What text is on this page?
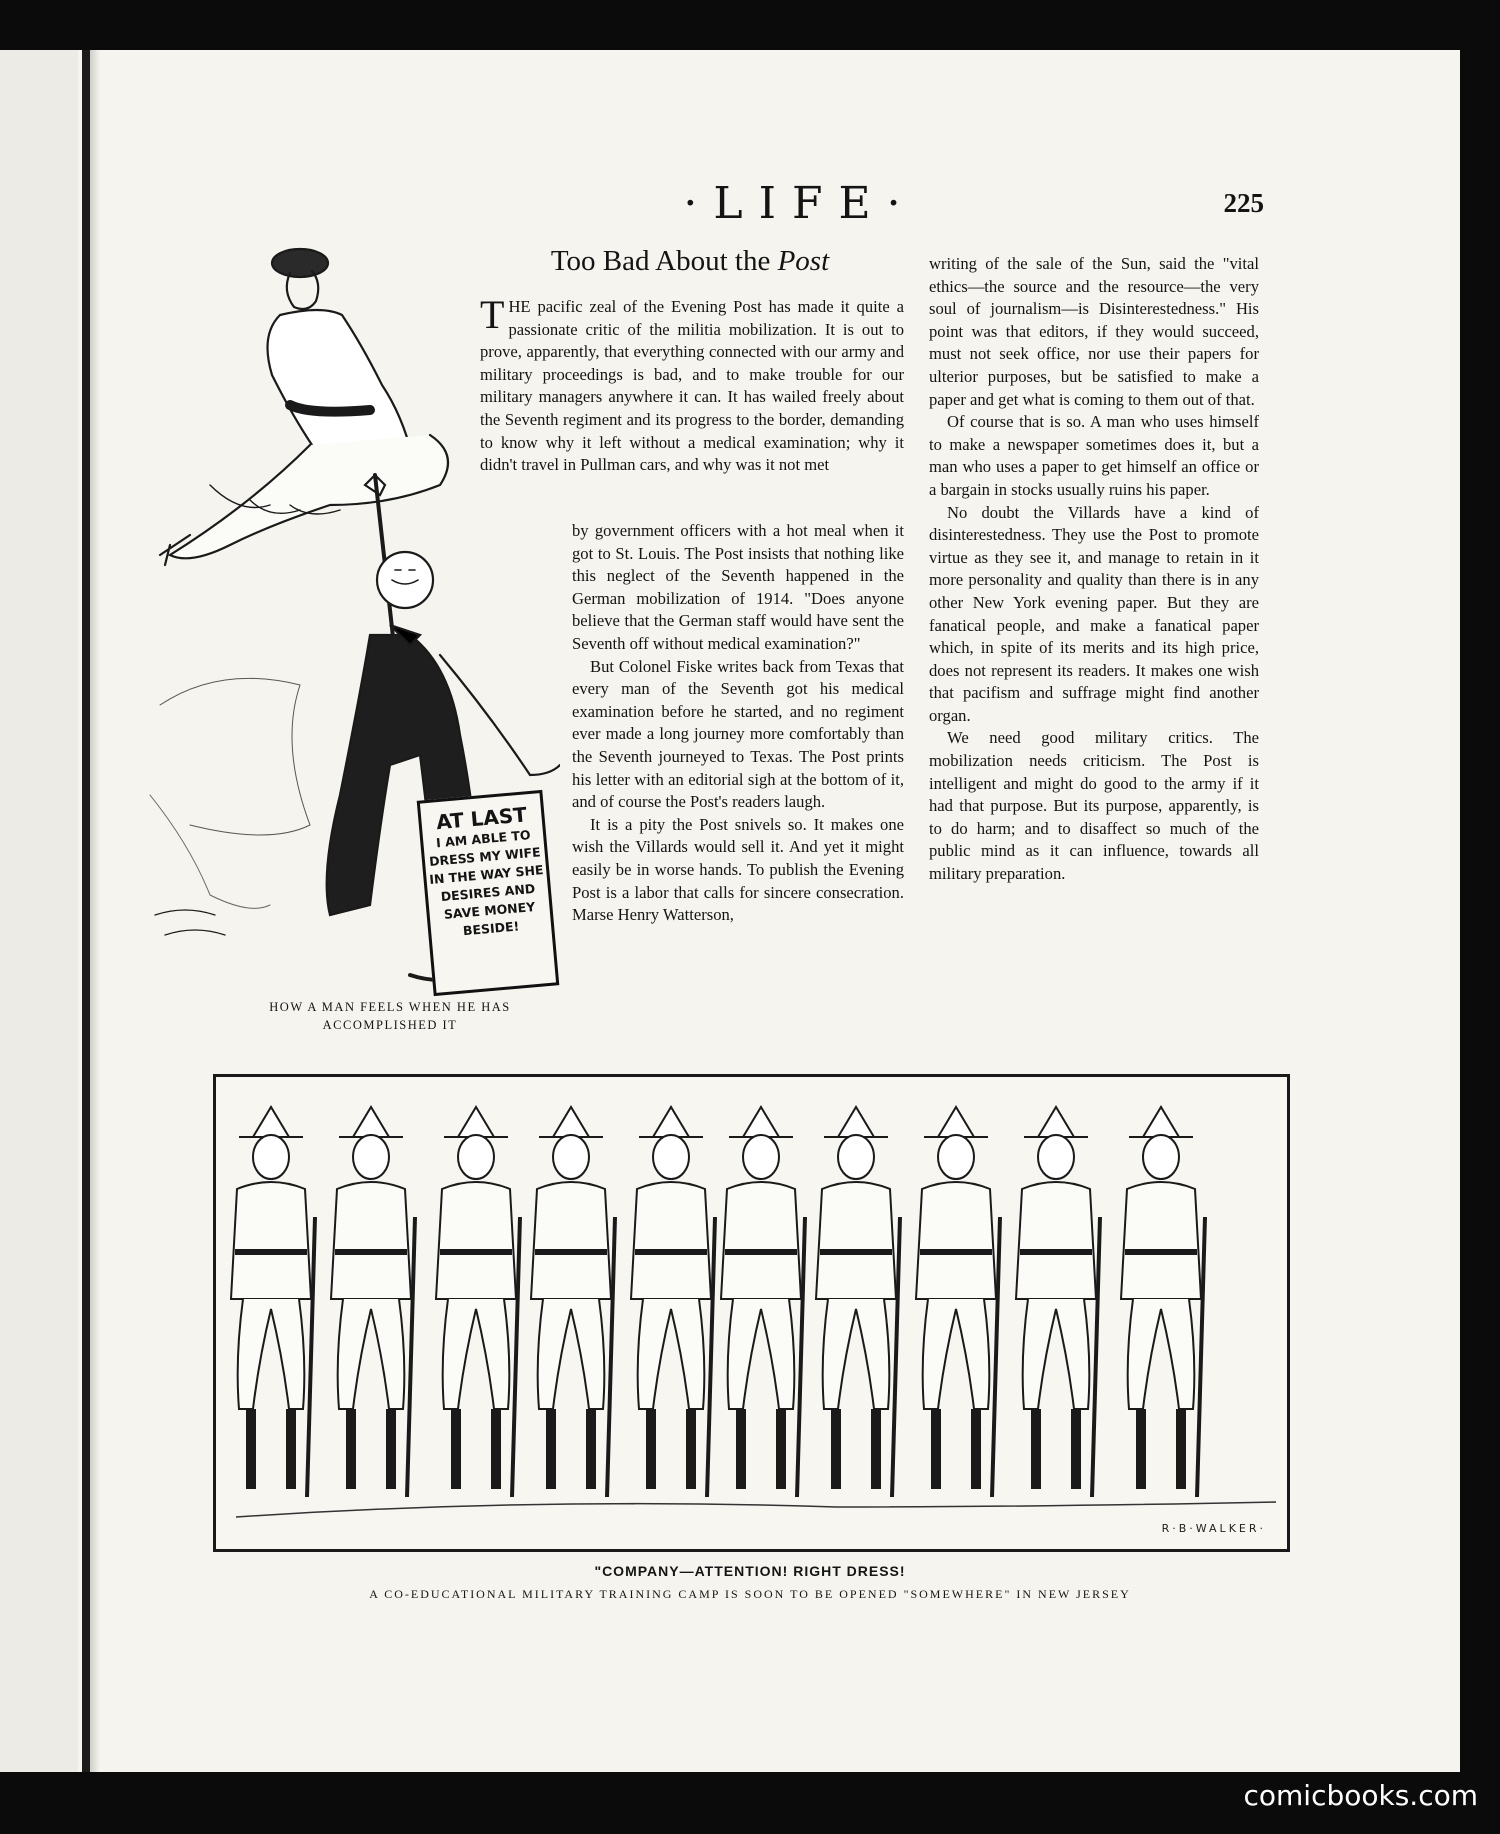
·LIFE·	225
Too Bad About the Post
AT LAST
I AM ABLE TO
DRESS MY WIFE
IN THE WAY SHE
DESIRES AND
SAVE MONEY
BESIDE!
HOW A MAN FEELS WHEN HE HAS
ACCOMPLISHED IT

THE pacific zeal of the Evening Post has made it quite a passionate critic of the militia mobilization. It is out to prove, apparently, that everything connected with our army and military proceedings is bad, and to make trouble for our military managers anywhere it can. It has wailed freely about the Seventh regiment and its progress to the border, demanding to know why it left without a medical examination; why it didn't travel in Pullman cars, and why was it not met

by government officers with a hot meal when it got to St. Louis. The Post insists that nothing like this neglect of the Seventh happened in the German mobilization of 1914. "Does anyone believe that the German staff would have sent the Seventh off without medical examination?"

But Colonel Fiske writes back from Texas that every man of the Seventh got his medical examination before he started, and no regiment ever made a long journey more comfortably than the Seventh journeyed to Texas. The Post prints his letter with an editorial sigh at the bottom of it, and of course the Post's readers laugh.

It is a pity the Post snivels so. It makes one wish the Villards would sell it. And yet it might easily be in worse hands. To publish the Evening Post is a labor that calls for sincere consecration. Marse Henry Watterson,

writing of the sale of the Sun, said the "vital ethics—the source and the resource—the very soul of journalism—is Disinterestedness." His point was that editors, if they would succeed, must not seek office, nor use their papers for ulterior purposes, but be satisfied to make a paper and get what is coming to them out of that.

Of course that is so. A man who uses himself to make a newspaper sometimes does it, but a man who uses a paper to get himself an office or a bargain in stocks usually ruins his paper.

No doubt the Villards have a kind of disinterestedness. They use the Post to promote virtue as they see it, and manage to retain in it more personality and quality than there is in any other New York evening paper. But they are fanatical people, and make a fanatical paper which, in spite of its merits and its high price, does not represent its readers. It makes one wish that pacifism and suffrage might find another organ.

We need good military critics. The mobilization needs criticism. The Post is intelligent and might do good to the army if it had that purpose. But its purpose, apparently, is to do harm; and to disaffect so much of the public mind as it can influence, towards all military preparation.

R·B·WALKER·
"COMPANY—ATTENTION! RIGHT DRESS!
A CO-EDUCATIONAL MILITARY TRAINING CAMP IS SOON TO BE OPENED "SOMEWHERE" IN NEW JERSEY
comicbooks.com
